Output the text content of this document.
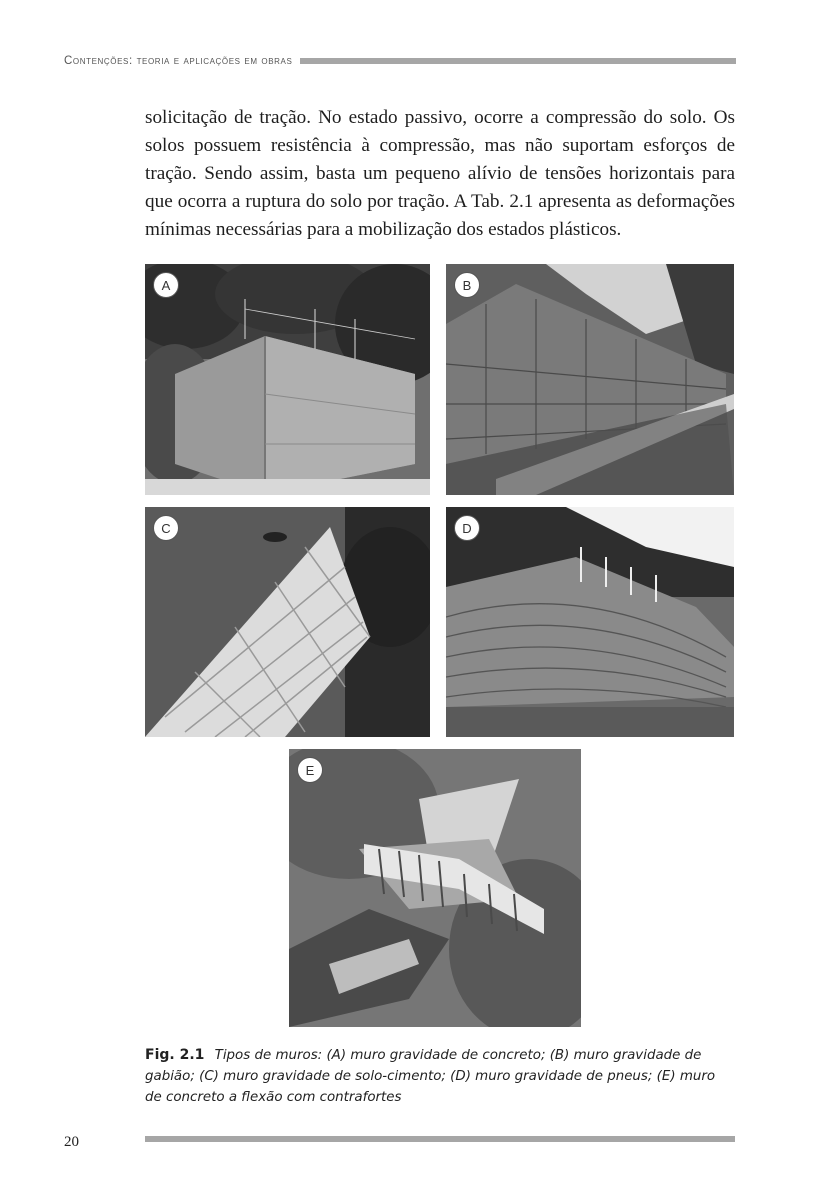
Contenções: teoria e aplicações em obras

solicitação de tração. No estado passivo, ocorre a compressão do solo. Os solos possuem resistência à compressão, mas não suportam esforços de tração. Sendo assim, basta um pequeno alívio de tensões horizontais para que ocorra a ruptura do solo por tração. A Tab. 2.1 apresenta as deformações mínimas necessárias para a mobilização dos estados plásticos.

A	B
C	D
E
Fig. 2.1 Tipos de muros: (A) muro gravidade de concreto; (B) muro gravidade de gabião; (C) muro gravidade de solo-cimento; (D) muro gravidade de pneus; (E) muro de concreto a flexão com contrafortes
20
